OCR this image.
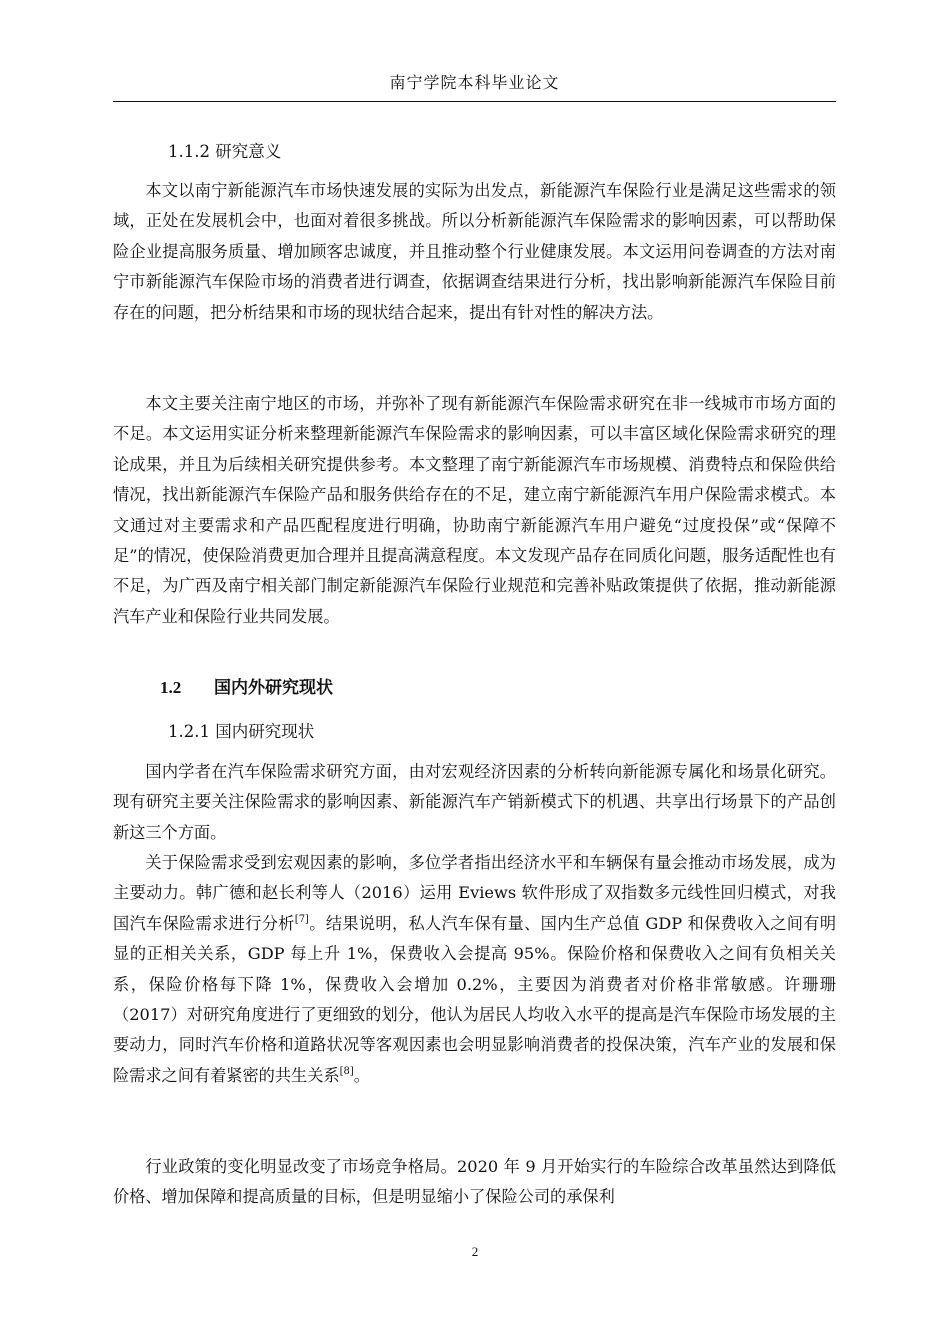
南宁学院本科毕业论文
1.1.2 研究意义

本文以南宁新能源汽车市场快速发展的实际为出发点，新能源汽车保险行业是满足这些需求的领域，正处在发展机会中，也面对着很多挑战。所以分析新能源汽车保险需求的影响因素，可以帮助保险企业提高服务质量、增加顾客忠诚度，并且推动整个行业健康发展。本文运用问卷调查的方法对南宁市新能源汽车保险市场的消费者进行调查，依据调查结果进行分析，找出影响新能源汽车保险目前存在的问题，把分析结果和市场的现状结合起来，提出有针对性的解决方法。

本文主要关注南宁地区的市场，并弥补了现有新能源汽车保险需求研究在非一线城市市场方面的不足。本文运用实证分析来整理新能源汽车保险需求的影响因素，可以丰富区域化保险需求研究的理论成果，并且为后续相关研究提供参考。本文整理了南宁新能源汽车市场规模、消费特点和保险供给情况，找出新能源汽车保险产品和服务供给存在的不足，建立南宁新能源汽车用户保险需求模式。本文通过对主要需求和产品匹配程度进行明确，协助南宁新能源汽车用户避免“过度投保”或“保障不足”的情况，使保险消费更加合理并且提高满意程度。本文发现产品存在同质化问题，服务适配性也有不足，为广西及南宁相关部门制定新能源汽车保险行业规范和完善补贴政策提供了依据，推动新能源汽车产业和保险行业共同发展。

1.2 国内外研究现状
1.2.1 国内研究现状

国内学者在汽车保险需求研究方面，由对宏观经济因素的分析转向新能源专属化和场景化研究。现有研究主要关注保险需求的影响因素、新能源汽车产销新模式下的机遇、共享出行场景下的产品创新这三个方面。

关于保险需求受到宏观因素的影响，多位学者指出经济水平和车辆保有量会推动市场发展，成为主要动力。韩广德和赵长利等人（2016）运用 Eviews 软件形成了双指数多元线性回归模式，对我国汽车保险需求进行分析[7]。结果说明，私人汽车保有量、国内生产总值 GDP 和保费收入之间有明显的正相关关系，GDP 每上升 1%，保费收入会提高 95%。保险价格和保费收入之间有负相关关系，保险价格每下降 1%，保费收入会增加 0.2%，主要因为消费者对价格非常敏感。许珊珊（2017）对研究角度进行了更细致的划分，他认为居民人均收入水平的提高是汽车保险市场发展的主要动力，同时汽车价格和道路状况等客观因素也会明显影响消费者的投保决策，汽车产业的发展和保险需求之间有着紧密的共生关系[8]。

行业政策的变化明显改变了市场竞争格局。2020 年 9 月开始实行的车险综合改革虽然达到降低价格、增加保障和提高质量的目标，但是明显缩小了保险公司的承保利

2
